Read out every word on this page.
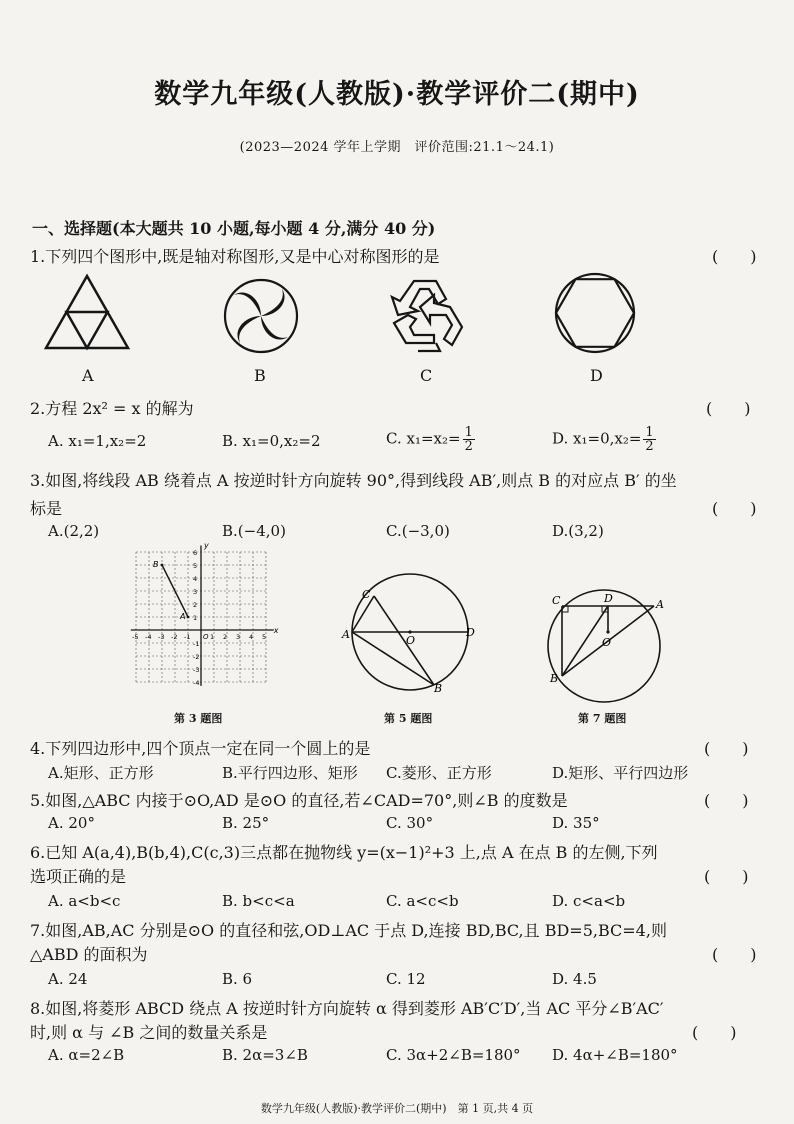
数学九年级(人教版)·教学评价二(期中)
(2023—2024 学年上学期　评价范围:21.1～24.1)
一、选择题(本大题共 10 小题,每小题 4 分,满分 40 分)
1.下列四个图形中,既是轴对称图形,又是中心对称图形的是	(　　)
A	B	C	D
2.方程 2x² = x 的解为	(　　)
A. x₁=1,x₂=2	B. x₁=0,x₂=2	C. $x_1=x_2= \frac{1}{2}$	D. $x_1=0,x_2= \frac{1}{2}$
3.如图,将线段 AB 绕着点 A 按逆时针方向旋转 90°,得到线段 AB′,则点 B 的对应点 B′ 的坐
标是	(　　)
A.(2,2)	B.(−4,0)	C.(−3,0)	D.(3,2)
x
y
O
-5 -4 -3 -2 -1	1 2 3 4 5
6
5
4
3
2
1
-1
-2
-3
-4
A
B
第 3 题图
C
A	O
D
B
第 5 题图
C	D	A
O
B
第 7 题图
4.下列四边形中,四个顶点一定在同一个圆上的是	(　　)
A.矩形、正方形	B.平行四边形、矩形 C.菱形、正方形	D.矩形、平行四边形
5.如图,△ABC 内接于⊙O,AD 是⊙O 的直径,若∠CAD=70°,则∠B 的度数是	(　　)
A. 20°	B. 25°	C. 30°	D. 35°
6.已知 A(a,4),B(b,4),C(c,3)三点都在抛物线 y=(x−1)²+3 上,点 A 在点 B 的左侧,下列
选项正确的是	(　　)
A. a<b<c	B. b<c<a	C. a<c<b	D. c<a<b
7.如图,AB,AC 分别是⊙O 的直径和弦,OD⊥AC 于点 D,连接 BD,BC,且 BD=5,BC=4,则
△ABD 的面积为	(　　)
A. 24	B. 6	C. 12	D. 4.5
8.如图,将菱形 ABCD 绕点 A 按逆时针方向旋转 α 得到菱形 AB′C′D′,当 AC 平分∠B′AC′
时,则 α 与 ∠B 之间的数量关系是	(　　)
A. α=2∠B	B. 2α=3∠B	C. 3α+2∠B=180° D. 4α+∠B=180°
数学九年级(人教版)·教学评价二(期中)　第 1 页,共 4 页
